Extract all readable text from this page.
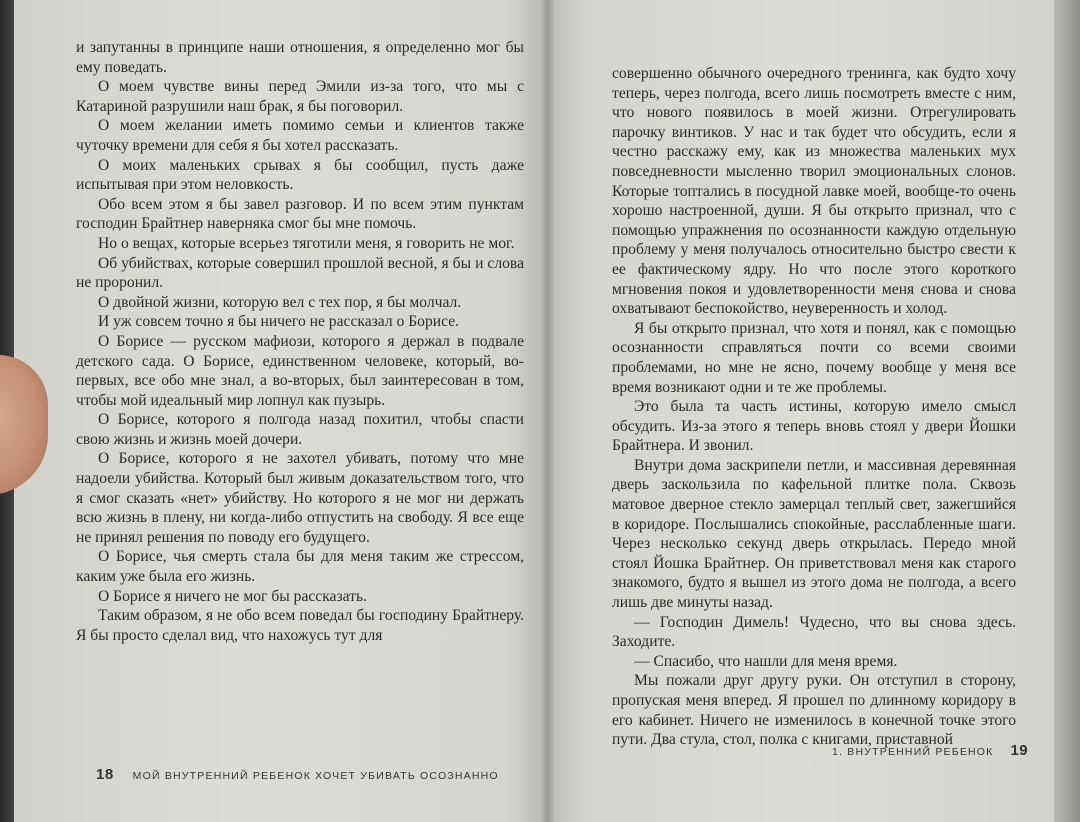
и запутанны в принципе наши отношения, я определенно мог бы ему поведать.

О моем чувстве вины перед Эмили из-за того, что мы с Катариной разрушили наш брак, я бы поговорил.

О моем желании иметь помимо семьи и клиентов также чуточку времени для себя я бы хотел рассказать.

О моих маленьких срывах я бы сообщил, пусть даже испытывая при этом неловкость.

Обо всем этом я бы завел разговор. И по всем этим пунктам господин Брайтнер наверняка смог бы мне помочь.

Но о вещах, которые всерьез тяготили меня, я говорить не мог.

Об убийствах, которые совершил прошлой весной, я бы и слова не проронил.

О двойной жизни, которую вел с тех пор, я бы молчал.

И уж совсем точно я бы ничего не рассказал о Борисе.

О Борисе — русском мафиози, которого я держал в подвале детского сада. О Борисе, единственном человеке, который, во-первых, все обо мне знал, а во-вторых, был заинтересован в том, чтобы мой идеальный мир лопнул как пузырь.

О Борисе, которого я полгода назад похитил, чтобы спасти свою жизнь и жизнь моей дочери.

О Борисе, которого я не захотел убивать, потому что мне надоели убийства. Который был живым доказательством того, что я смог сказать «нет» убийству. Но которого я не мог ни держать всю жизнь в плену, ни когда-либо отпустить на свободу. Я все еще не принял решения по поводу его будущего.

О Борисе, чья смерть стала бы для меня таким же стрессом, каким уже была его жизнь.

О Борисе я ничего не мог бы рассказать.

Таким образом, я не обо всем поведал бы господину Брайтнеру. Я бы просто сделал вид, что нахожусь тут для

совершенно обычного очередного тренинга, как будто хочу теперь, через полгода, всего лишь посмотреть вместе с ним, что нового появилось в моей жизни. Отрегулировать парочку винтиков. У нас и так будет что обсудить, если я честно расскажу ему, как из множества маленьких мух повседневности мысленно творил эмоциональных слонов. Которые топтались в посудной лавке моей, вообще-то очень хорошо настроенной, души. Я бы открыто признал, что с помощью упражнения по осознанности каждую отдельную проблему у меня получалось относительно быстро свести к ее фактическому ядру. Но что после этого короткого мгновения покоя и удовлетворенности меня снова и снова охватывают беспокойство, неуверенность и холод.

Я бы открыто признал, что хотя и понял, как с помощью осознанности справляться почти со всеми своими проблемами, но мне не ясно, почему вообще у меня все время возникают одни и те же проблемы.

Это была та часть истины, которую имело смысл обсудить. Из-за этого я теперь вновь стоял у двери Йошки Брайтнера. И звонил.

Внутри дома заскрипели петли, и массивная деревянная дверь заскользила по кафельной плитке пола. Сквозь матовое дверное стекло замерцал теплый свет, зажегшийся в коридоре. Послышались спокойные, расслабленные шаги. Через несколько секунд дверь открылась. Передо мной стоял Йошка Брайтнер. Он приветствовал меня как старого знакомого, будто я вышел из этого дома не полгода, а всего лишь две минуты назад.

— Господин Димель! Чудесно, что вы снова здесь. Заходите.

— Спасибо, что нашли для меня время.

Мы пожали друг другу руки. Он отступил в сторону, пропуская меня вперед. Я прошел по длинному коридору в его кабинет. Ничего не изменилось в конечной точке этого пути. Два стула, стол, полка с книгами, приставной

18 МОЙ ВНУТРЕННИЙ РЕБЕНОК ХОЧЕТ УБИВАТЬ ОСОЗНАННО
1. ВНУТРЕННИЙ РЕБЕНОК 19
